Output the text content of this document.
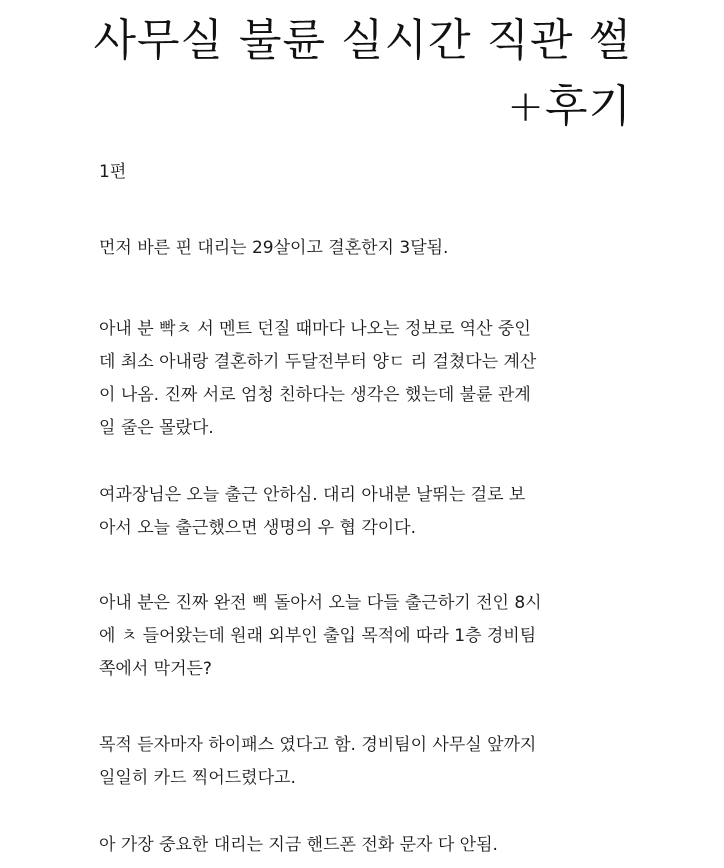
사무실 불륜 실시간 직관 썰
+후기

1편

먼저 바른 핀 대리는 29살이고 결혼한지 3달됨.

아내 분 빡ㅊ 서 멘트 던질 때마다 나오는 정보로 역산 중인
데 최소 아내랑 결혼하기 두달전부터 양ㄷ 리 걸쳤다는 계산
이 나옴. 진짜 서로 엄청 친하다는 생각은 했는데 불륜 관계
일 줄은 몰랐다.

여과장님은 오늘 출근 안하심. 대리 아내분 날뛰는 걸로 보
아서 오늘 출근했으면 생명의 우 협 각이다.

아내 분은 진짜 완전 삑 돌아서 오늘 다들 출근하기 전인 8시
에 ㅊ 들어왔는데 원래 외부인 출입 목적에 따라 1층 경비팀
쪽에서 막거든?

목적 듣자마자 하이패스 였다고 함. 경비팀이 사무실 앞까지
일일히 카드 찍어드렸다고.

아 가장 중요한 대리는 지금 핸드폰 전화 문자 다 안됨.
